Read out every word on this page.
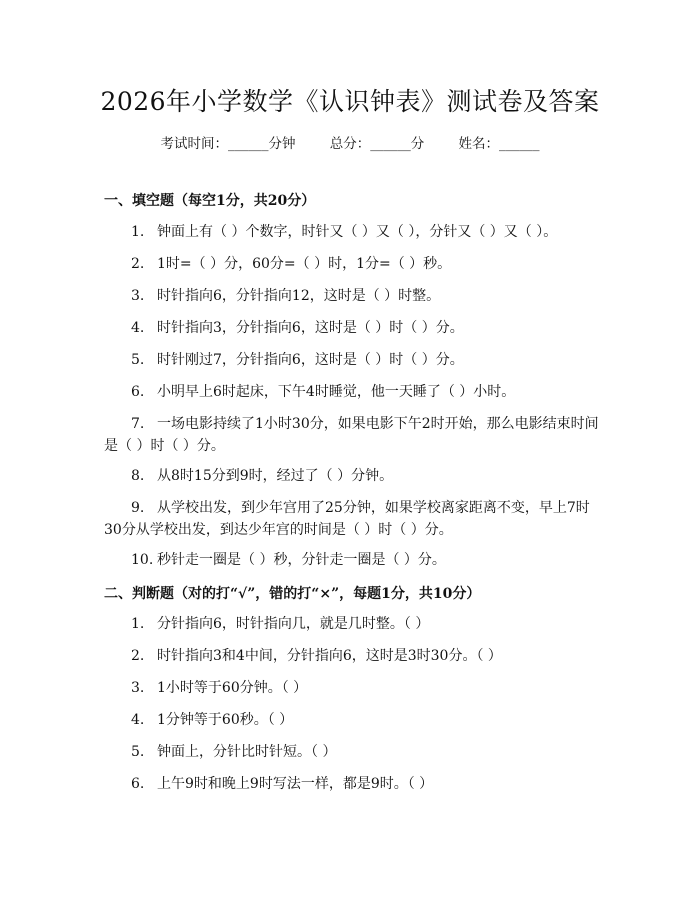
2026年小学数学《认识钟表》测试卷及答案
考试时间：______分钟	总分：______分	姓名：______
一、填空题（每空1分，共20分）
1. 钟面上有（ ）个数字，时针又（ ）又（ ），分针又（ ）又（ ）。
2. 1时=（ ）分，60分=（ ）时，1分=（ ）秒。
3. 时针指向6，分针指向12，这时是（ ）时整。
4. 时针指向3，分针指向6，这时是（ ）时（ ）分。
5. 时针刚过7，分针指向6，这时是（ ）时（ ）分。
6. 小明早上6时起床，下午4时睡觉，他一天睡了（ ）小时。
7. 一场电影持续了1小时30分，如果电影下午2时开始，那么电影结束时间是（ ）时（ ）分。
8. 从8时15分到9时，经过了（ ）分钟。
9. 从学校出发，到少年宫用了25分钟，如果学校离家距离不变，早上7时30分从学校出发，到达少年宫的时间是（ ）时（ ）分。
10. 秒针走一圈是（ ）秒，分针走一圈是（ ）分。
二、判断题（对的打“√”，错的打“×”，每题1分，共10分）
1. 分针指向6，时针指向几，就是几时整。（ ）
2. 时针指向3和4中间，分针指向6，这时是3时30分。（ ）
3. 1小时等于60分钟。（ ）
4. 1分钟等于60秒。（ ）
5. 钟面上，分针比时针短。（ ）
6. 上午9时和晚上9时写法一样，都是9时。（ ）
